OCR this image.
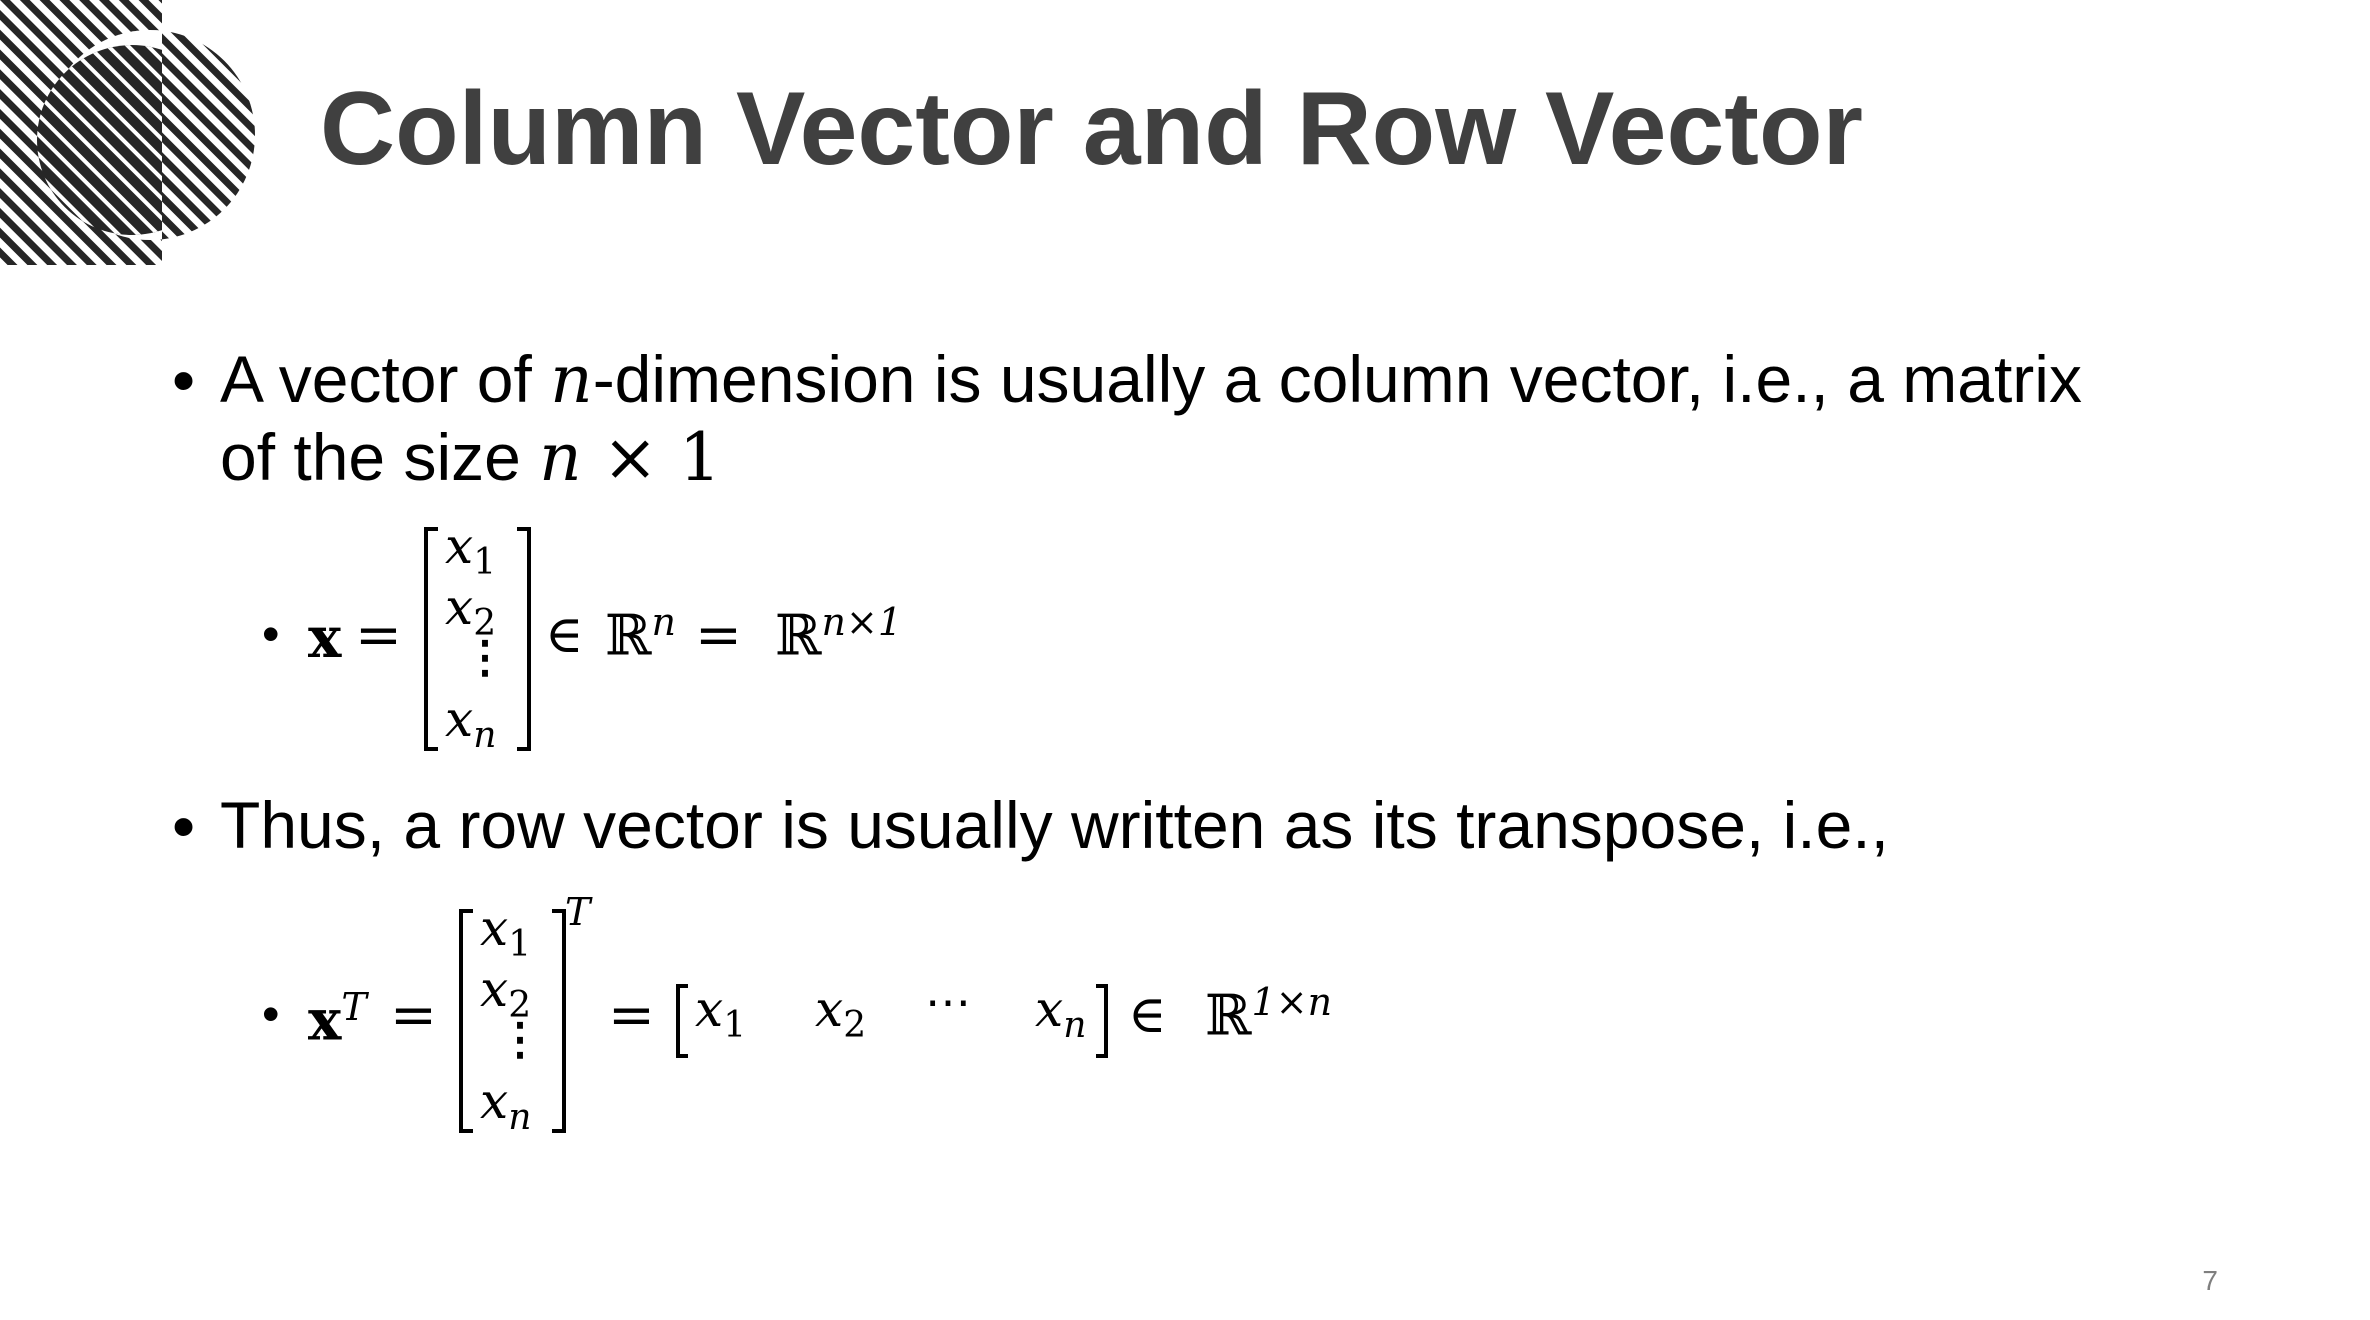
Column Vector and Row Vector
• A vector of n-dimension is usually a column vector, i.e., a matrix
of the size n × 1
• x =
$x_1$
$x_2$
⋮
$x_n$
∈ ℝ$^n$ = ℝ$^{n\times 1}$
• Thus, a row vector is usually written as its transpose, i.e.,
• $x^T$ =
T
$x_1$
$x_2$
⋮
$x_n$
= $x_1$ $x_2$ ⋯ $x_n$ ∈ ℝ$^{1\times n}$
7
